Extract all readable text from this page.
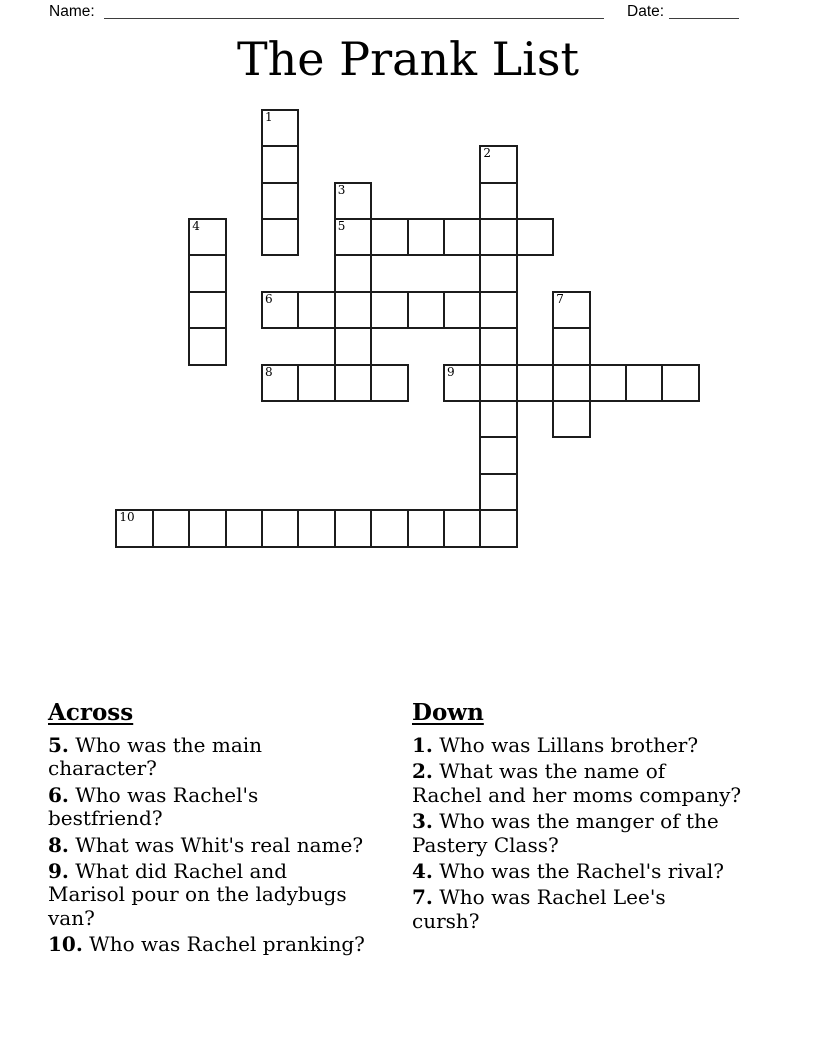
Name:	Date:
The Prank List
1
2
3
5
4
6	7
8	9
10
Across
5. Who was the main
character?
6. Who was Rachel's
bestfriend?
8. What was Whit's real name?
9. What did Rachel and
Marisol pour on the ladybugs
van?
10. Who was Rachel pranking?
Down
1. Who was Lillans brother?
2. What was the name of
Rachel and her moms company?
3. Who was the manger of the
Pastery Class?
4. Who was the Rachel's rival?
7. Who was Rachel Lee's
cursh?
